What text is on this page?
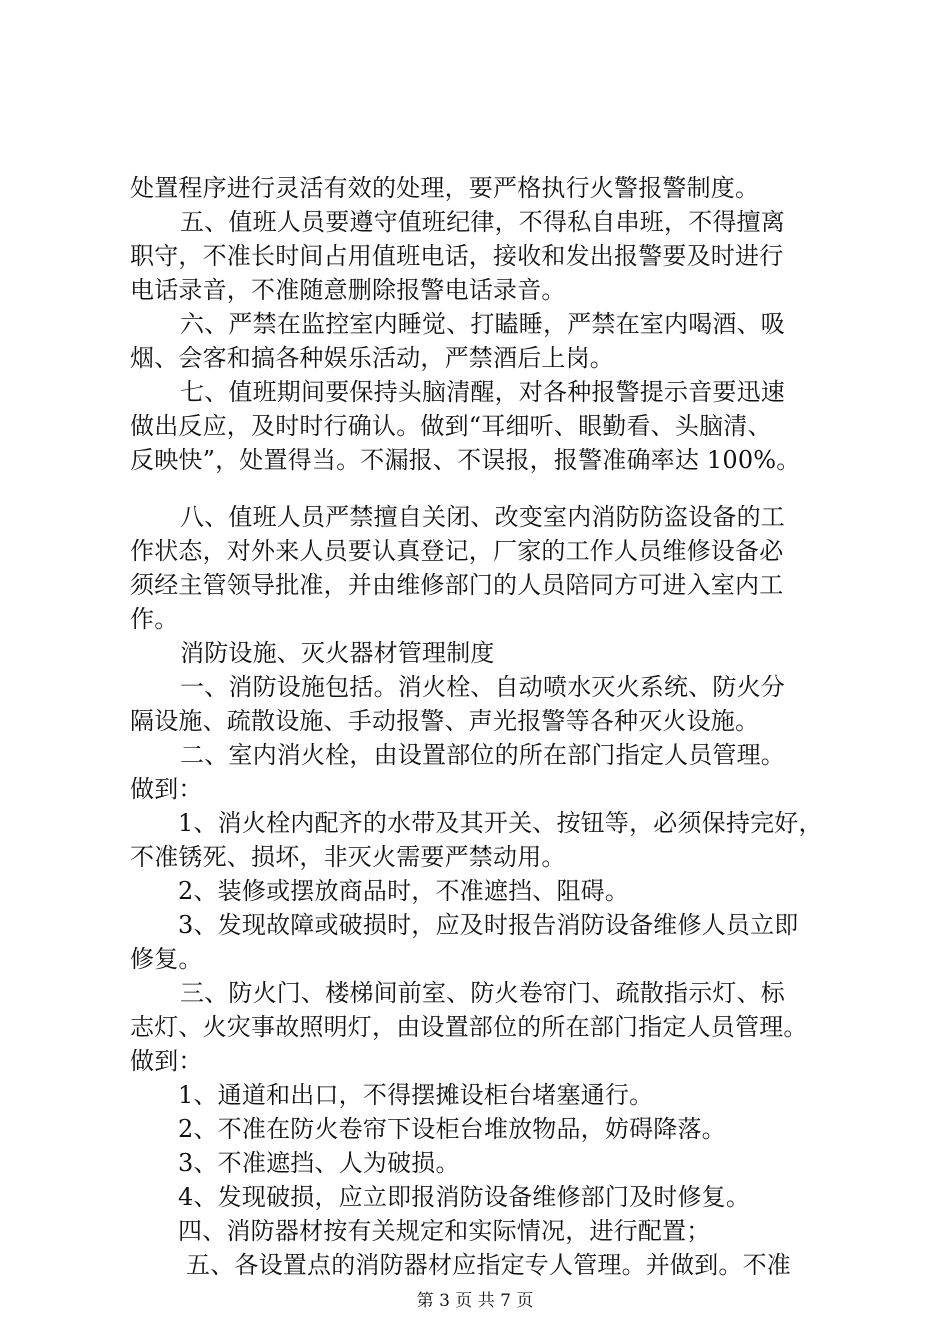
处置程序进行灵活有效的处理，要严格执行火警报警制度。
五、值班人员要遵守值班纪律，不得私自串班，不得擅离
职守，不准长时间占用值班电话，接收和发出报警要及时进行
电话录音，不准随意删除报警电话录音。
六、严禁在监控室内睡觉、打瞌睡，严禁在室内喝酒、吸
烟、会客和搞各种娱乐活动，严禁酒后上岗。
七、值班期间要保持头脑清醒，对各种报警提示音要迅速
做出反应，及时时行确认。做到“耳细听、眼勤看、头脑清、
反映快”，处置得当。不漏报、不误报，报警准确率达 100%。
八、值班人员严禁擅自关闭、改变室内消防防盗设备的工
作状态，对外来人员要认真登记，厂家的工作人员维修设备必
须经主管领导批准，并由维修部门的人员陪同方可进入室内工
作。
消防设施、灭火器材管理制度
一、消防设施包括。消火栓、自动喷水灭火系统、防火分
隔设施、疏散设施、手动报警、声光报警等各种灭火设施。
二、室内消火栓，由设置部位的所在部门指定人员管理。
做到：
1、消火栓内配齐的水带及其开关、按钮等，必须保持完好，
不准锈死、损坏，非灭火需要严禁动用。
2、装修或摆放商品时，不准遮挡、阻碍。
3、发现故障或破损时，应及时报告消防设备维修人员立即
修复。
三、防火门、楼梯间前室、防火卷帘门、疏散指示灯、标
志灯、火灾事故照明灯，由设置部位的所在部门指定人员管理。
做到：
1、通道和出口，不得摆摊设柜台堵塞通行。
2、不准在防火卷帘下设柜台堆放物品，妨碍降落。
3、不准遮挡、人为破损。
4、发现破损，应立即报消防设备维修部门及时修复。
四、消防器材按有关规定和实际情况，进行配置；
五、各设置点的消防器材应指定专人管理。并做到。不准
第 3 页 共 7 页
